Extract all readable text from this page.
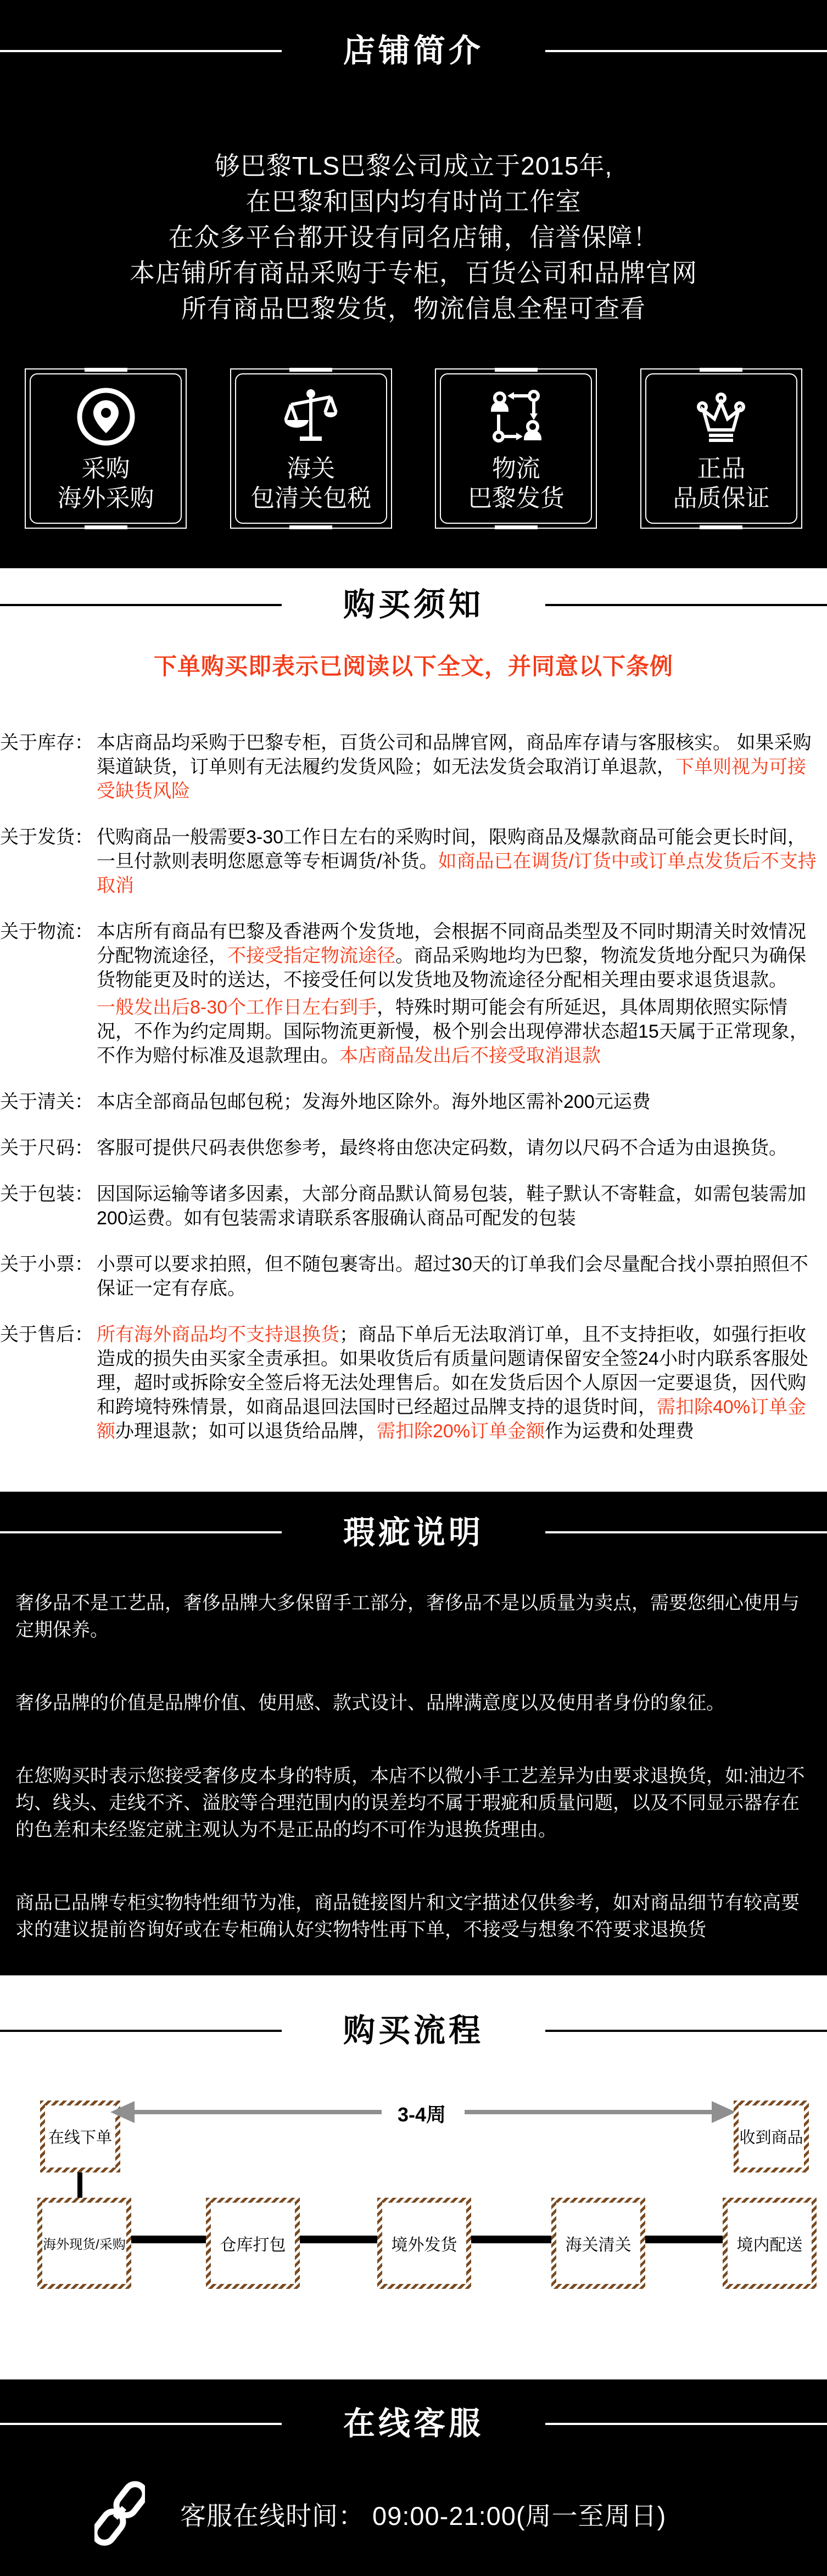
店铺简介
够巴黎TLS巴黎公司成立于2015年,
在巴黎和国内均有时尚工作室
在众多平台都开设有同名店铺，信誉保障！
本店铺所有商品采购于专柜，百货公司和品牌官网
所有商品巴黎发货，物流信息全程可查看
采购
海外采购
海关
包清关包税
物流
巴黎发货
正品
品质保证
购买须知
下单购买即表示已阅读以下全文，并同意以下条例
关于库存： 本店商品均采购于巴黎专柜，百货公司和品牌官网，商品库存请与客服核实。 如果采购渠道缺货，订单则有无法履约发货风险；如无法发货会取消订单退款，下单则视为可接受缺货风险

关于发货： 代购商品一般需要3-30工作日左右的采购时间，限购商品及爆款商品可能会更长时间，一旦付款则表明您愿意等专柜调货/补货。如商品已在调货/订货中或订单点发货后不支持取消

关于物流： 本店所有商品有巴黎及香港两个发货地，会根据不同商品类型及不同时期清关时效情况分配物流途径，不接受指定物流途径。商品采购地均为巴黎，物流发货地分配只为确保货物能更及时的送达，不接受任何以发货地及物流途径分配相关理由要求退货退款。

一般发出后8-30个工作日左右到手，特殊时期可能会有所延迟，具体周期依照实际情况，不作为约定周期。国际物流更新慢，极个别会出现停滞状态超15天属于正常现象，不作为赔付标准及退款理由。本店商品发出后不接受取消退款

关于清关： 本店全部商品包邮包税；发海外地区除外。海外地区需补200元运费

关于尺码： 客服可提供尺码表供您参考，最终将由您决定码数，请勿以尺码不合适为由退换货。

关于包装： 因国际运输等诸多因素，大部分商品默认简易包装，鞋子默认不寄鞋盒，如需包装需加200运费。如有包装需求请联系客服确认商品可配发的包装

关于小票： 小票可以要求拍照，但不随包裹寄出。超过30天的订单我们会尽量配合找小票拍照但不保证一定有存底。

关于售后： 所有海外商品均不支持退换货；商品下单后无法取消订单，且不支持拒收，如强行拒收造成的损失由买家全责承担。如果收货后有质量问题请保留安全签24小时内联系客服处理，超时或拆除安全签后将无法处理售后。如在发货后因个人原因一定要退货，因代购和跨境特殊情景，如商品退回法国时已经超过品牌支持的退货时间，需扣除40%订单金额办理退款；如可以退货给品牌，需扣除20%订单金额作为运费和处理费

瑕疵说明

奢侈品不是工艺品，奢侈品牌大多保留手工部分，奢侈品不是以质量为卖点，需要您细心使用与定期保养。

奢侈品牌的价值是品牌价值、使用感、款式设计、品牌满意度以及使用者身份的象征。

在您购买时表示您接受奢侈皮本身的特质，本店不以微小手工艺差异为由要求退换货，如:油边不均、线头、走线不齐、溢胶等合理范围内的误差均不属于瑕疵和质量问题，以及不同显示器存在的色差和未经鉴定就主观认为不是正品的均不可作为退换货理由。

商品已品牌专柜实物特性细节为准，商品链接图片和文字描述仅供参考，如对商品细节有较高要求的建议提前咨询好或在专柜确认好实物特性再下单，不接受与想象不符要求退换货

购买流程
在线下单
3-4周
收到商品
海外现货/采购	仓库打包	境外发货	海关清关	境内配送
在线客服
客服在线时间： 09:00-21:00(周一至周日)
